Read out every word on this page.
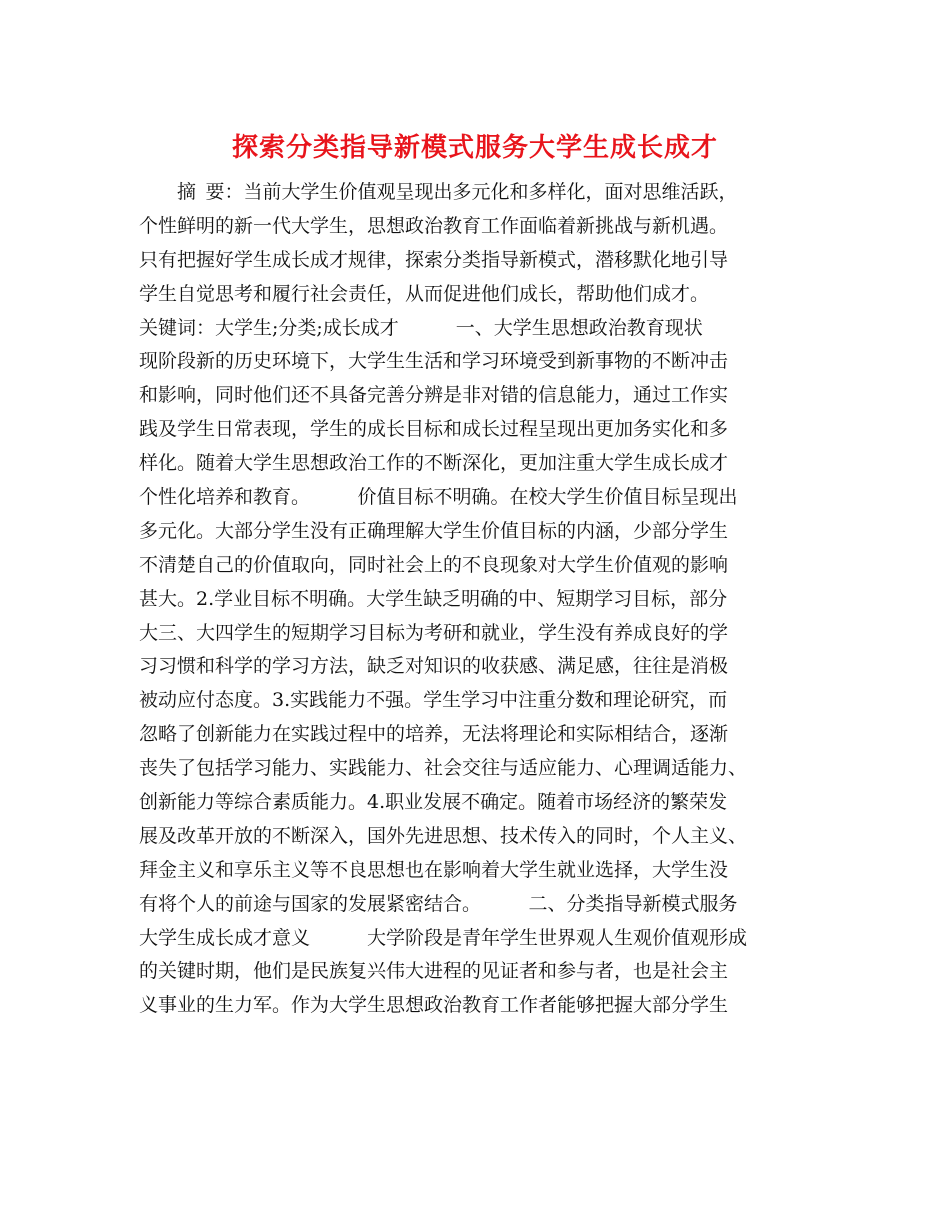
探索分类指导新模式服务大学生成长成才
　　摘 要：当前大学生价值观呈现出多元化和多样化，面对思维活跃，
个性鲜明的新一代大学生，思想政治教育工作面临着新挑战与新机遇。
只有把握好学生成长成才规律，探索分类指导新模式，潜移默化地引导
学生自觉思考和履行社会责任，从而促进他们成长，帮助他们成才。
关键词：大学生;分类;成长成才　　　一、大学生思想政治教育现状
现阶段新的历史环境下，大学生生活和学习环境受到新事物的不断冲击
和影响，同时他们还不具备完善分辨是非对错的信息能力，通过工作实
践及学生日常表现，学生的成长目标和成长过程呈现出更加务实化和多
样化。随着大学生思想政治工作的不断深化，更加注重大学生成长成才
个性化培养和教育。　　　价值目标不明确。在校大学生价值目标呈现出
多元化。大部分学生没有正确理解大学生价值目标的内涵，少部分学生
不清楚自己的价值取向，同时社会上的不良现象对大学生价值观的影响
甚大。2.学业目标不明确。大学生缺乏明确的中、短期学习目标，部分
大三、大四学生的短期学习目标为考研和就业，学生没有养成良好的学
习习惯和科学的学习方法，缺乏对知识的收获感、满足感，往往是消极
被动应付态度。3.实践能力不强。学生学习中注重分数和理论研究，而
忽略了创新能力在实践过程中的培养，无法将理论和实际相结合，逐渐
丧失了包括学习能力、实践能力、社会交往与适应能力、心理调适能力、
创新能力等综合素质能力。4.职业发展不确定。随着市场经济的繁荣发
展及改革开放的不断深入，国外先进思想、技术传入的同时，个人主义、
拜金主义和享乐主义等不良思想也在影响着大学生就业选择，大学生没
有将个人的前途与国家的发展紧密结合。　　　二、分类指导新模式服务
大学生成长成才意义　　　大学阶段是青年学生世界观人生观价值观形成
的关键时期，他们是民族复兴伟大进程的见证者和参与者，也是社会主
义事业的生力军。作为大学生思想政治教育工作者能够把握大部分学生
